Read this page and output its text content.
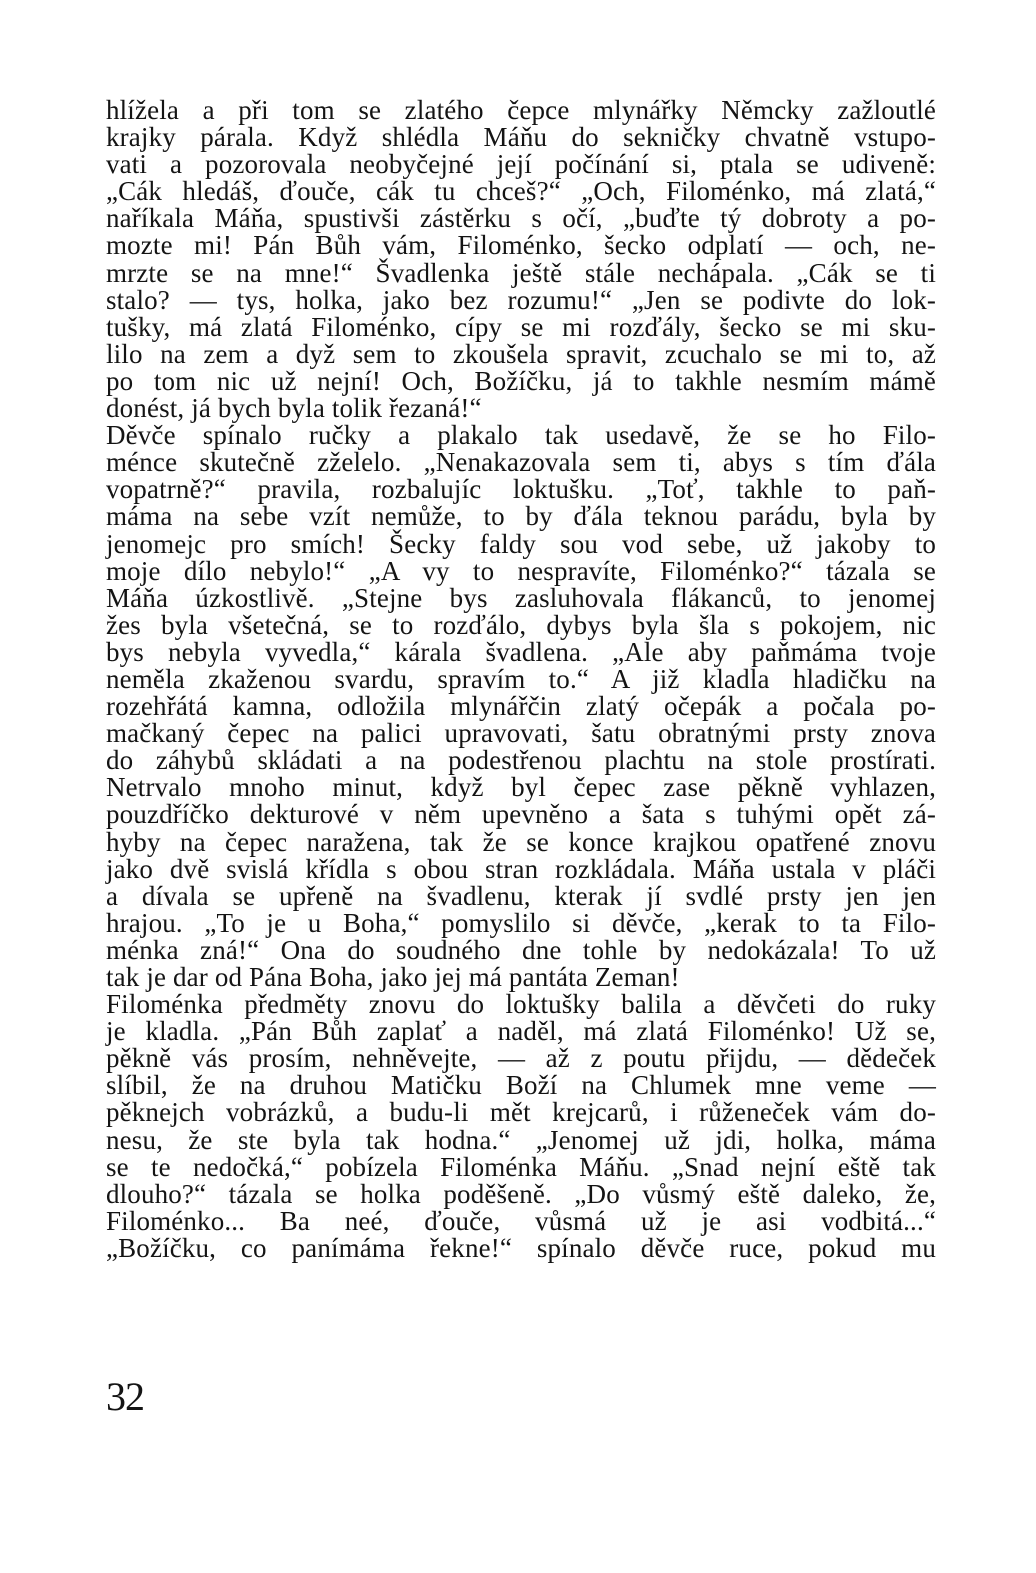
hlížela a při tom se zlatého čepce mlynářky Němcky zažloutlé
krajky párala. Když shlédla Máňu do sekničky chvatně vstupo-
vati a pozorovala neobyčejné její počínání si, ptala se udiveně:
„Cák hledáš, ďouče, cák tu chceš?“ „Och, Filoménko, má zlatá,“
naříkala Máňa, spustivši zástěrku s očí, „buďte tý dobroty a po-
mozte mi! Pán Bůh vám, Filoménko, šecko odplatí — och, ne-
mrzte se na mne!“ Švadlenka ještě stále nechápala. „Cák se ti
stalo? — tys, holka, jako bez rozumu!“ „Jen se podivte do lok-
tušky, má zlatá Filoménko, cípy se mi rozďály, šecko se mi sku-
lilo na zem a dyž sem to zkoušela spravit, zcuchalo se mi to, až
po tom nic už nejní! Och, Božíčku, já to takhle nesmím mámě
donést, já bych byla tolik řezaná!“
Děvče spínalo ručky a plakalo tak usedavě, že se ho Filo-
ménce skutečně zželelo. „Nenakazovala sem ti, abys s tím ďála
vopatrně?“ pravila, rozbalujíc loktušku. „Toť, takhle to paň-
máma na sebe vzít nemůže, to by ďála teknou parádu, byla by
jenomejc pro smích! Šecky faldy sou vod sebe, už jakoby to
moje dílo nebylo!“ „A vy to nespravíte, Filoménko?“ tázala se
Máňa úzkostlivě. „Stejne bys zasluhovala flákanců, to jenomej
žes byla všetečná, se to rozďálo, dybys byla šla s pokojem, nic
bys nebyla vyvedla,“ kárala švadlena. „Ale aby paňmáma tvoje
neměla zkaženou svardu, spravím to.“ A již kladla hladičku na
rozehřátá kamna, odložila mlynářčin zlatý očepák a počala po-
mačkaný čepec na palici upravovati, šatu obratnými prsty znova
do záhybů skládati a na podestřenou plachtu na stole prostírati.
Netrvalo mnoho minut, když byl čepec zase pěkně vyhlazen,
pouzdříčko dekturové v něm upevněno a šata s tuhými opět zá-
hyby na čepec naražena, tak že se konce krajkou opatřené znovu
jako dvě svislá křídla s obou stran rozkládala. Máňa ustala v pláči
a dívala se upřeně na švadlenu, kterak jí svdlé prsty jen jen
hrajou. „To je u Boha,“ pomyslilo si děvče, „kerak to ta Filo-
ménka zná!“ Ona do soudného dne tohle by nedokázala! To už
tak je dar od Pána Boha, jako jej má pantáta Zeman!
Filoménka předměty znovu do loktušky balila a děvčeti do ruky
je kladla. „Pán Bůh zaplať a naděl, má zlatá Filoménko! Už se,
pěkně vás prosím, nehněvejte, — až z poutu přijdu, — dědeček
slíbil, že na druhou Matičku Boží na Chlumek mne veme —
pěknejch vobrázků, a budu-li mět krejcarů, i růženeček vám do-
nesu, že ste byla tak hodna.“ „Jenomej už jdi, holka, máma
se te nedočká,“ pobízela Filoménka Máňu. „Snad nejní eště tak
dlouho?“ tázala se holka poděšeně. „Do vůsmý eště daleko, že,
Filoménko... Ba neé, ďouče, vůsmá už je asi vodbitá...“
„Božíčku, co panímáma řekne!“ spínalo děvče ruce, pokud mu
32
